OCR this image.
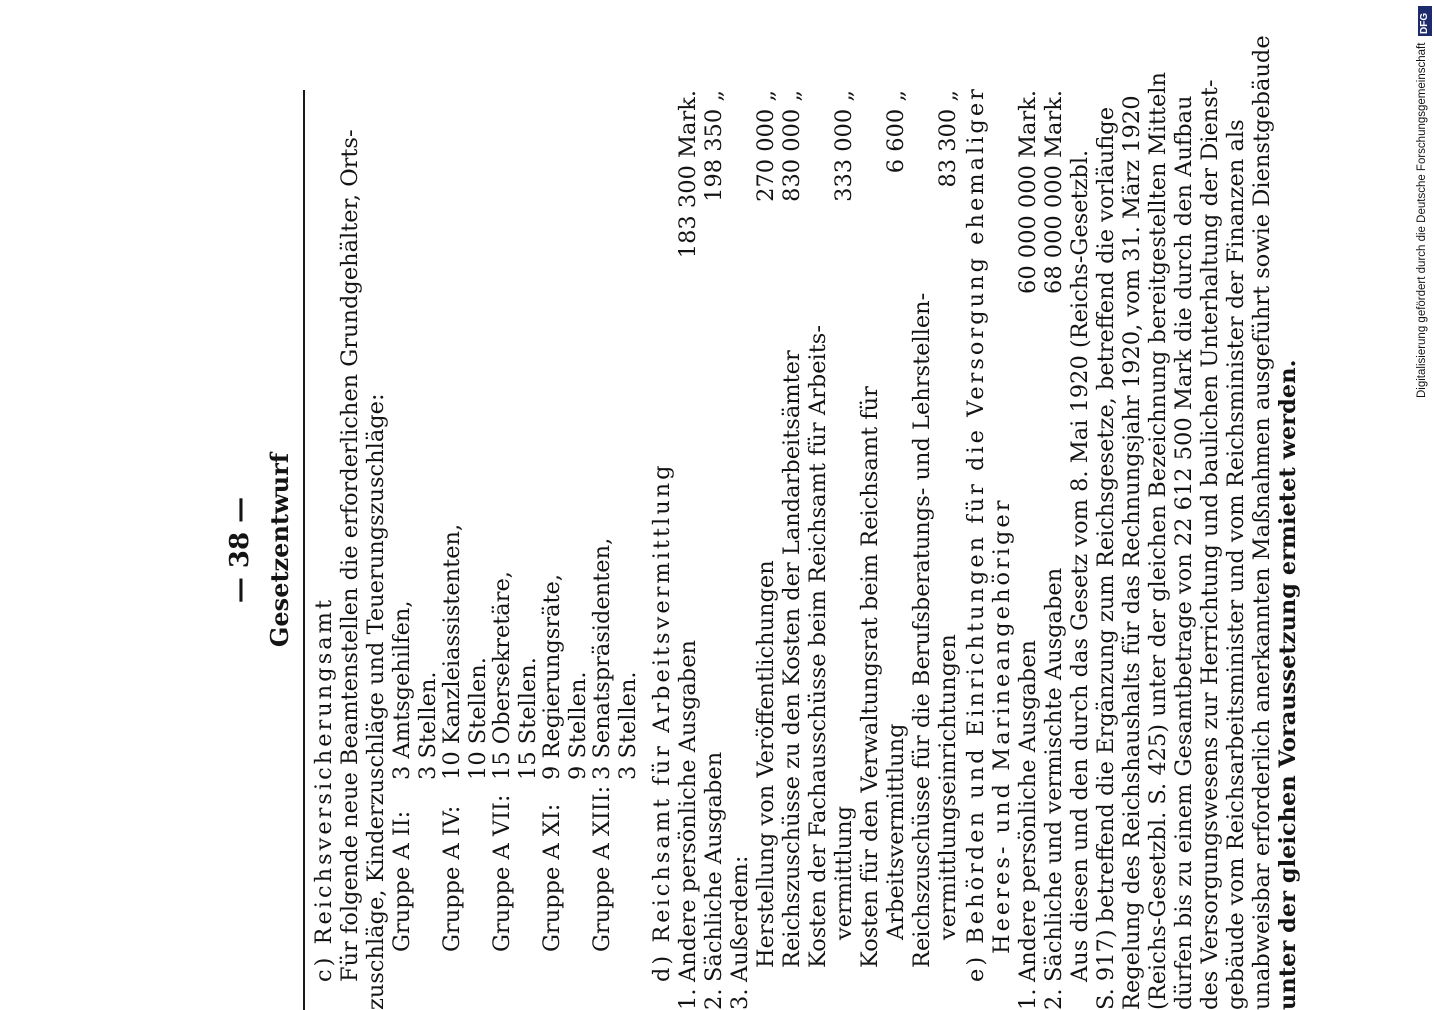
— 38 — Gesetzentwurf
c) Reichsversicherungsamt Für folgende neue Beamtenstellen die erforderlichen Grundgehälter, Orts- zuschläge, Kinderzuschläge und Teuerungszuschläge: Gruppe A II:
3 Amtsgehilfen, 3 Stellen.
Gruppe A IV:
10 Kanzleiassistenten, 10 Stellen.
Gruppe A VII:
15 Obersekretäre, 15 Stellen.
Gruppe A XI:
9 Regierungsräte, 9 Stellen.
Gruppe A XIII:
3 Senatspräsidenten, 3 Stellen. d) Reichsamt für Arbeitsvermittlung
1.
Andere persönliche Ausgaben
183 300 Mark.
2.
Sächliche Ausgaben
198 350 „
3.
Außerdem: Herstellung von Veröffentlichungen
270 000 „
Reichszuschüsse zu den Kosten der Landarbeitsämter
830 000 „
Kosten der Fachausschüsse beim Reichsamt für Arbeits- vermittlung
333 000 „
Kosten für den Verwaltungsrat beim Reichsamt für Arbeitsvermittlung
6 600 „
Reichszuschüsse für die Berufsberatungs- und Lehrstellen- vermittlungseinrichtungen
83 300 „ e) Behörden und Einrichtungen für die Versorgung ehemaliger Heeres- und Marineangehöriger
1.
Andere persönliche Ausgaben
60 000 000 Mark.
2.
Sächliche und vermischte Ausgaben
68 000 000 Mark. Aus diesen und den durch das Gesetz vom 8. Mai 1920 (Reichs-Gesetzbl. S. 917) betreffend die Ergänzung zum Reichsgesetze, betreffend die vorläufige Regelung des Reichshaushalts für das Rechnungsjahr 1920, vom 31. März 1920 (Reichs-Gesetzbl. S. 425) unter der gleichen Bezeichnung bereitgestellten Mitteln dürfen bis zu einem Gesamtbetrage von 22 612 500 Mark die durch den Aufbau des Versorgungswesens zur Herrichtung und baulichen Unterhaltung der Dienst- gebäude vom Reichsarbeitsminister und vom Reichsminister der Finanzen als unabweisbar erforderlich anerkannten Maßnahmen ausgeführt sowie Dienstgebäude unter der gleichen Voraussetzung ermietet werden.
DFG
Digitalisierung gefördert durch die Deutsche Forschungsgemeinschaft
